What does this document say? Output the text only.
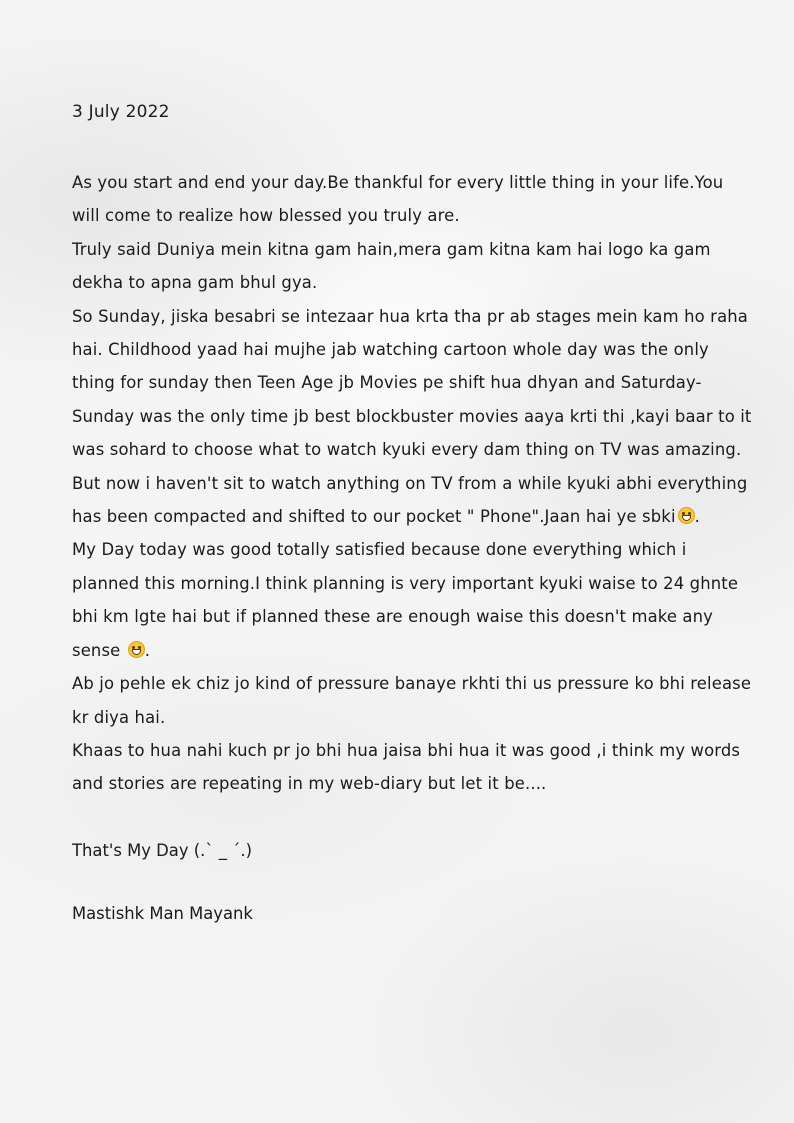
3 July 2022

As you start and end your day.Be thankful for every little thing in your life.You will come to realize how blessed you truly are.

Truly said Duniya mein kitna gam hain,mera gam kitna kam hai logo ka gam dekha to apna gam bhul gya.

So Sunday, jiska besabri se intezaar hua krta tha pr ab stages mein kam ho raha hai. Childhood yaad hai mujhe jab watching cartoon whole day was the only thing for sunday then Teen Age jb Movies pe shift hua dhyan and Saturday-Sunday was the only time jb best blockbuster movies aaya krti thi ,kayi baar to it was sohard to choose what to watch kyuki every dam thing on TV was amazing.

But now i haven't sit to watch anything on TV from a while kyuki abhi everything has been compacted and shifted to our pocket " Phone".Jaan hai ye sbki .

My Day today was good totally satisfied because done everything which i planned this morning.I think planning is very important kyuki waise to 24 ghnte bhi km lgte hai but if planned these are enough waise this doesn't make any sense .

Ab jo pehle ek chiz jo kind of pressure banaye rkhti thi us pressure ko bhi release kr diya hai.

Khaas to hua nahi kuch pr jo bhi hua jaisa bhi hua it was good ,i think my words and stories are repeating in my web-diary but let it be....

That's My Day (.` _ ´.)

Mastishk Man Mayank
